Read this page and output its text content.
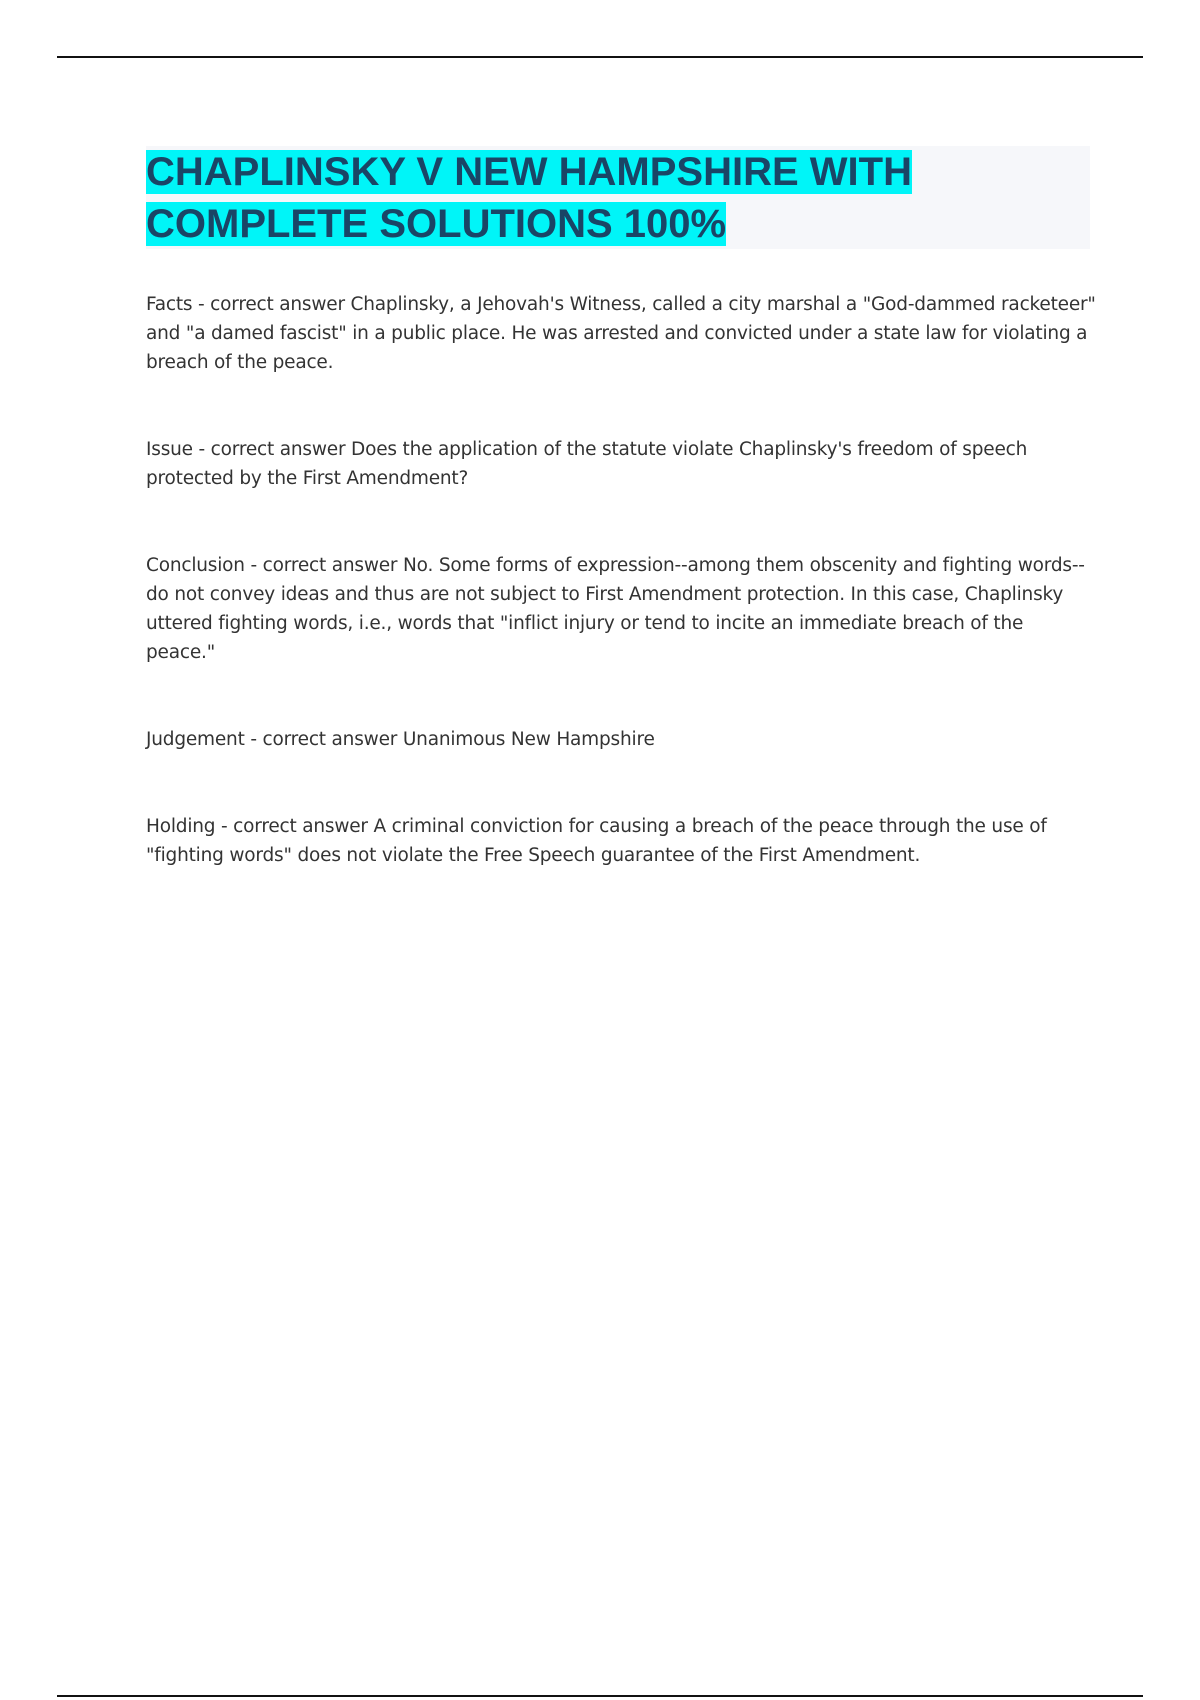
CHAPLINSKY V NEW HAMPSHIRE WITH COMPLETE SOLUTIONS 100%

Facts - correct answer Chaplinsky, a Jehovah's Witness, called a city marshal a "God-dammed racketeer" and "a damed fascist" in a public place. He was arrested and convicted under a state law for violating a breach of the peace.

Issue - correct answer Does the application of the statute violate Chaplinsky's freedom of speech protected by the First Amendment?

Conclusion - correct answer No. Some forms of expression--among them obscenity and fighting words--do not convey ideas and thus are not subject to First Amendment protection. In this case, Chaplinsky uttered fighting words, i.e., words that "inflict injury or tend to incite an immediate breach of the peace."

Judgement - correct answer Unanimous New Hampshire

Holding - correct answer A criminal conviction for causing a breach of the peace through the use of "fighting words" does not violate the Free Speech guarantee of the First Amendment.
